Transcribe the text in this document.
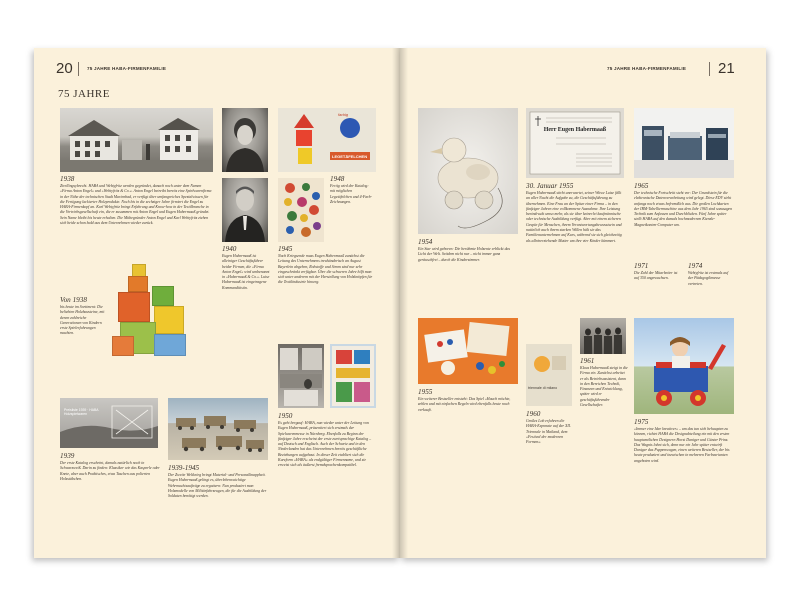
20	75 JAHRE HABA-FIRMENFAMILIE	75 JAHRE HABA-FIRMENFAMILIE 21
75 JAHRE
1938
Zirellingsybrecht. HABA und Webtyfritz werden gegründet, danach noch unter dem Namen »Firma Anton Engel« und »Webtyfritz & Co.«. Anton Engel betreibt bereits eine Spielwarenfirma in der Nähe der technischen Stadt Marienbad, er verfügt über umfangreiches Spezialwissen für die Fertigung lackierter Holzprodukte. Noch bis in die sechziger Jahre firmiert die Engel zu HABA-Firmenkopf an. Karl Webtyfritz bringt Erfahrung und Know-how in der Textilbranche in die Vertriebsgesellschaft ein, die er zusammen mit Anton Engel und Eugen Habermaaß gründet. Sein Name bleibt bis heute erhalten. Die Mitbegründer Anton Engel und Karl Webtyfritz ziehen sich beide schon bald aus dem Unternehmen wieder zurück.
1940
Eugen Habermaaß ist alleiniger Geschäftsführer beider Firmen, die »Firma Anton Engel« wird umbenannt in »Habermaaß & Co.«. Luise Habermaaß ist eingetragene Kommanditistin.
LEGETÄFELCHEN
farbig
1948
Fertig wird der Katalog: mit möglichen Legetäfelchen und 4-Farb-Zeichnungen.
1945
Nach Kriegsende muss Eugen Habermaaß zunächst die Leitung des Unternehmens treuhänderisch an August Bayerlein abgeben, Rohstoffe und Strom sind nur sehr eingeschränkt verfügbar. Über die schweren Jahre hilft man sich unter anderem mit der Herstellung von Holzknöpfen für die Textilindustrie hinweg.
Von 1938
bis heute im Sortiment: Die beliebten Holzbausteine, mit denen zahlreiche Generationen von Kindern erste Spielerfahrungen machten.
Preisliste 1939 · HABA Holzspielwaren
1939
Der erste Katalog erscheint, damals natürlich noch in Schwarzweiß. Darin zu finden: Klassiker wie das Kasperle oder Knete, aber auch Praktisches, etwa Taschen aus polierten Holzstäbchen.
1939-1945
Der Zweite Weltkrieg bringt Material- und Personalknappheit. Eugen Habermaaß gelingt es, überlebenswichtige Wehrmachtsaufträge zu ergattern: Nun produziert man Holzmodelle von Militärfahrzeugen, die für die Ausbildung der Soldaten benötigt werden.
1950
Es geht bergauf: HABA, nun wieder unter der Leitung von Eugen Habermaaß, präsentiert sich erstmals der Spielwarenmesse in Nürnberg. Ebenfalls zu Beginn der fünfziger Jahre erscheint der erste zweisprachige Katalog – auf Deutsch und Englisch. Auch der Schweiz und in den Niederlanden hat das Unternehmen bereits geschäftliche Beziehungen aufgebaut. In dieser Zeit etabliert sich die Kurzform »HABA« als endgültiger Firmenname, und sie erweist sich als äußerst fremdsprachenkompatibel.
1954
Ein Star wird geboren: Die berühmte Holzente erblickt das Licht der Welt. Seitdem nicht nur – nicht immer ganz geräuschfrei – durch die Kinderzimmer.
Herr Eugen Habermaaß
30. Januar 1955
Eugen Habermaaß stirbt unerwartet, seiner Witwe Luise fällt an aller Nacht die Aufgabe zu, die Geschäftsführung zu übernehmen. Eine Frau an der Spitze einer Firma – in den fünfziger Jahren eine vollkommene Ausnahme. Ihre Leistung beeindruckt umso mehr, als sie über keinerlei kaufmännische oder technische Ausbildung verfügt. Aber mit einem sicheren Gespür für Menschen, ihrem Verantwortungsbewusstsein und natürlich auch ihrem starken Willen hält sie das Familienunternehmen auf Kurs, während sie sich gleichzeitig als alleinerziehende Mutter um ihre vier Kinder kümmert.
1965
Der technische Fortschritt steht vor: Der Grundstein für die elektronische Datenverarbeitung wird gelegt. Diese EDV sieht anfangs noch etwas befremdlich aus. Die großen Lochkarten der IBM-Tabelliermaschine aus dem Jahr 1965 sind sozusagen Technik zum Anfassen und Durchblicken. Fünf Jahre später stellt HABA auf den damals hochmodernen Kienzle-Magnetkonten-Computer um.
1971
Die Zahl der Mitarbeiter ist auf 350 angewachsen.
1974
Webtyfritz ist erstmals auf der Pädagogikmesse vertreten.
1955
Ein weiterer Bestseller entsteht: Das Spiel »Hauch möchte, zehlen und mit einfachen Regeln wird ebenfalls heute noch verkauft.
triennale di milano
1960
Großes Lob erfahren die HABA-Exponate auf der XII. Triennale in Mailand, dem »Festival der modernen Formen«.
1961
Klaus Habermaaß steigt in die Firma ein. Zunächst arbeitet er als Betriebsassistent, dann in den Bereichen Technik, Finanzen und Entwicklung, später wird er geschäftsführender Gesellschafter.
1975
»Immer eine Idee kreativer« – um das tun sich behaupten zu können, richtet HABA die Designabteilung ein mit den ersten hauptamtlichen Designern Horst Daniger und Günter Prinz. Das Wagnis lohnt sich, denn nur ein Jahr später entwirft Daniger das Puppenwagen, einen weiteren Bestseller, der bis heute produziert und inzwischen in mehreren Farbvarianten angeboten wird.
